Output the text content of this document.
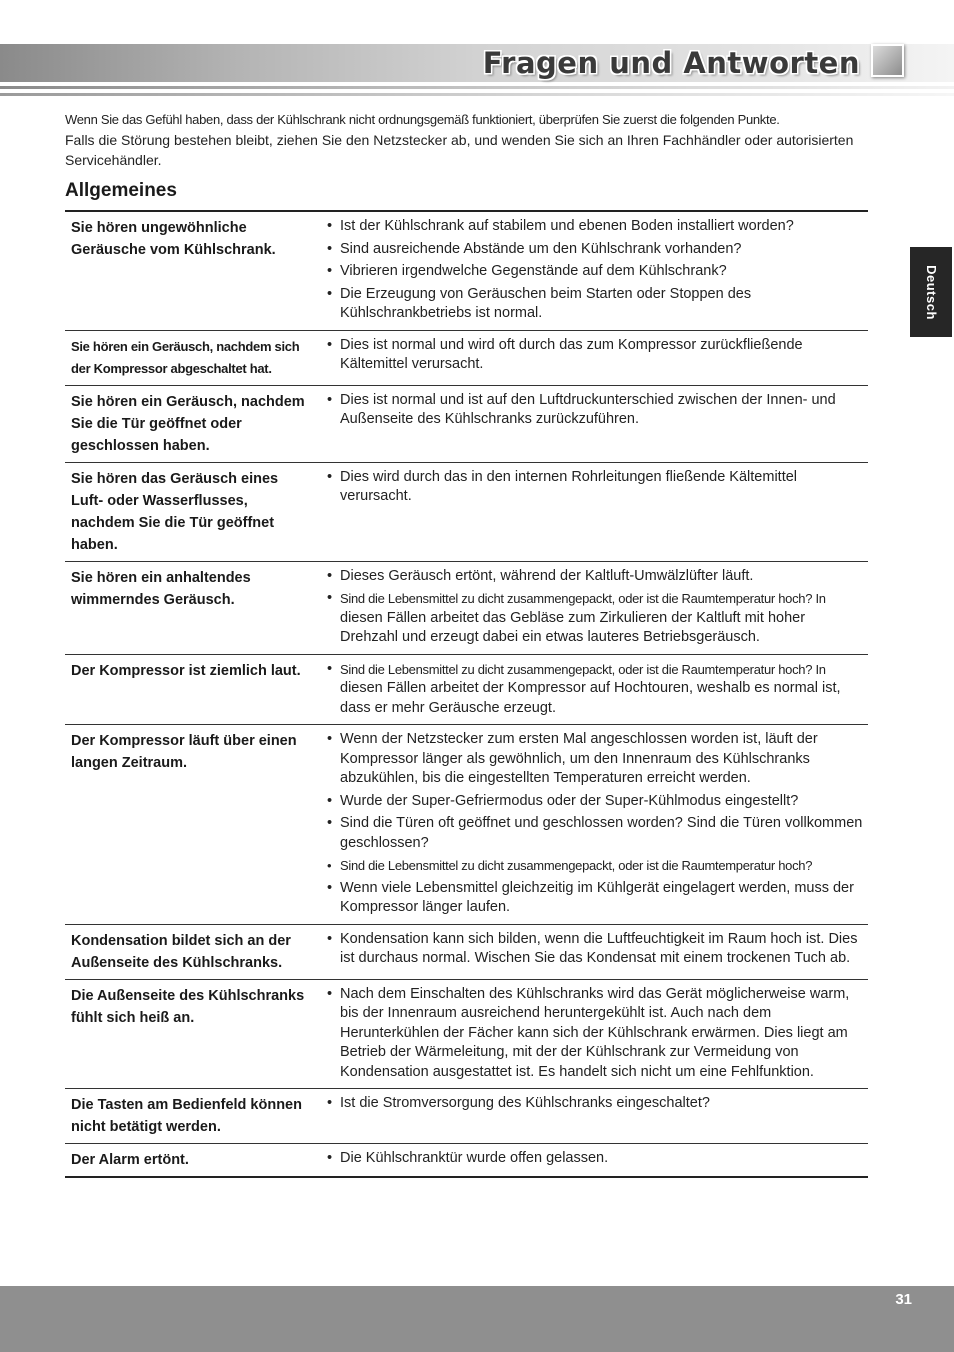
Fragen und Antworten

Wenn Sie das Gefühl haben, dass der Kühlschrank nicht ordnungsgemäß funktioniert, überprüfen Sie zuerst die folgenden Punkte.

Falls die Störung bestehen bleibt, ziehen Sie den Netzstecker ab, und wenden Sie sich an Ihren Fachhändler oder autorisierten Servicehändler.

Allgemeines
Deutsch
Sie hören ungewöhnliche Geräusche vom Kühlschrank.
• Ist der Kühlschrank auf stabilem und ebenen Boden installiert worden?
• Sind ausreichende Abstände um den Kühlschrank vorhanden?
• Vibrieren irgendwelche Gegenstände auf dem Kühlschrank?
• Die Erzeugung von Geräuschen beim Starten oder Stoppen des Kühlschrankbetriebs ist normal.
Sie hören ein Geräusch, nachdem sich der Kompressor abgeschaltet hat.
• Dies ist normal und wird oft durch das zum Kompressor zurückfließende Kältemittel verursacht.
Sie hören ein Geräusch, nachdem Sie die Tür geöffnet oder geschlossen haben.
• Dies ist normal und ist auf den Luftdruckunterschied zwischen der Innen- und Außenseite des Kühlschranks zurückzuführen.
Sie hören das Geräusch eines Luft- oder Wasserflusses, nachdem Sie die Tür geöffnet haben.
• Dies wird durch das in den internen Rohrleitungen fließende Kältemittel verursacht.
Sie hören ein anhaltendes wimmerndes Geräusch.
• Dieses Geräusch ertönt, während der Kaltluft-Umwälzlüfter läuft.
• Sind die Lebensmittel zu dicht zusammengepackt, oder ist die Raumtemperatur hoch? In diesen Fällen arbeitet das Gebläse zum Zirkulieren der Kaltluft mit hoher Drehzahl und erzeugt dabei ein etwas lauteres Betriebsgeräusch.
Der Kompressor ist ziemlich laut.	• Sind die Lebensmittel zu dicht zusammengepackt, oder ist die Raumtemperatur hoch? In diesen Fällen arbeitet der Kompressor auf Hochtouren, weshalb es normal ist, dass er mehr Geräusche erzeugt.
Der Kompressor läuft über einen langen Zeitraum.
• Wenn der Netzstecker zum ersten Mal angeschlossen worden ist, läuft der Kompressor länger als gewöhnlich, um den Innenraum des Kühlschranks abzukühlen, bis die eingestellten Temperaturen erreicht werden.
• Wurde der Super-Gefriermodus oder der Super-Kühlmodus eingestellt?
• Sind die Türen oft geöffnet und geschlossen worden? Sind die Türen vollkommen geschlossen?
• Sind die Lebensmittel zu dicht zusammengepackt, oder ist die Raumtemperatur hoch?
• Wenn viele Lebensmittel gleichzeitig im Kühlgerät eingelagert werden, muss der Kompressor länger laufen.
Kondensation bildet sich an der Außenseite des Kühlschranks.
• Kondensation kann sich bilden, wenn die Luftfeuchtigkeit im Raum hoch ist. Dies ist durchaus normal. Wischen Sie das Kondensat mit einem trockenen Tuch ab.
Die Außenseite des Kühlschranks fühlt sich heiß an.
• Nach dem Einschalten des Kühlschranks wird das Gerät möglicherweise warm, bis der Innenraum ausreichend heruntergekühlt ist. Auch nach dem Herunterkühlen der Fächer kann sich der Kühlschrank erwärmen. Dies liegt am Betrieb der Wärmeleitung, mit der der Kühlschrank zur Vermeidung von Kondensation ausgestattet ist. Es handelt sich nicht um eine Fehlfunktion.
Die Tasten am Bedienfeld können nicht betätigt werden.
• Ist die Stromversorgung des Kühlschranks eingeschaltet?
Der Alarm ertönt.	• Die Kühlschranktür wurde offen gelassen.
31
